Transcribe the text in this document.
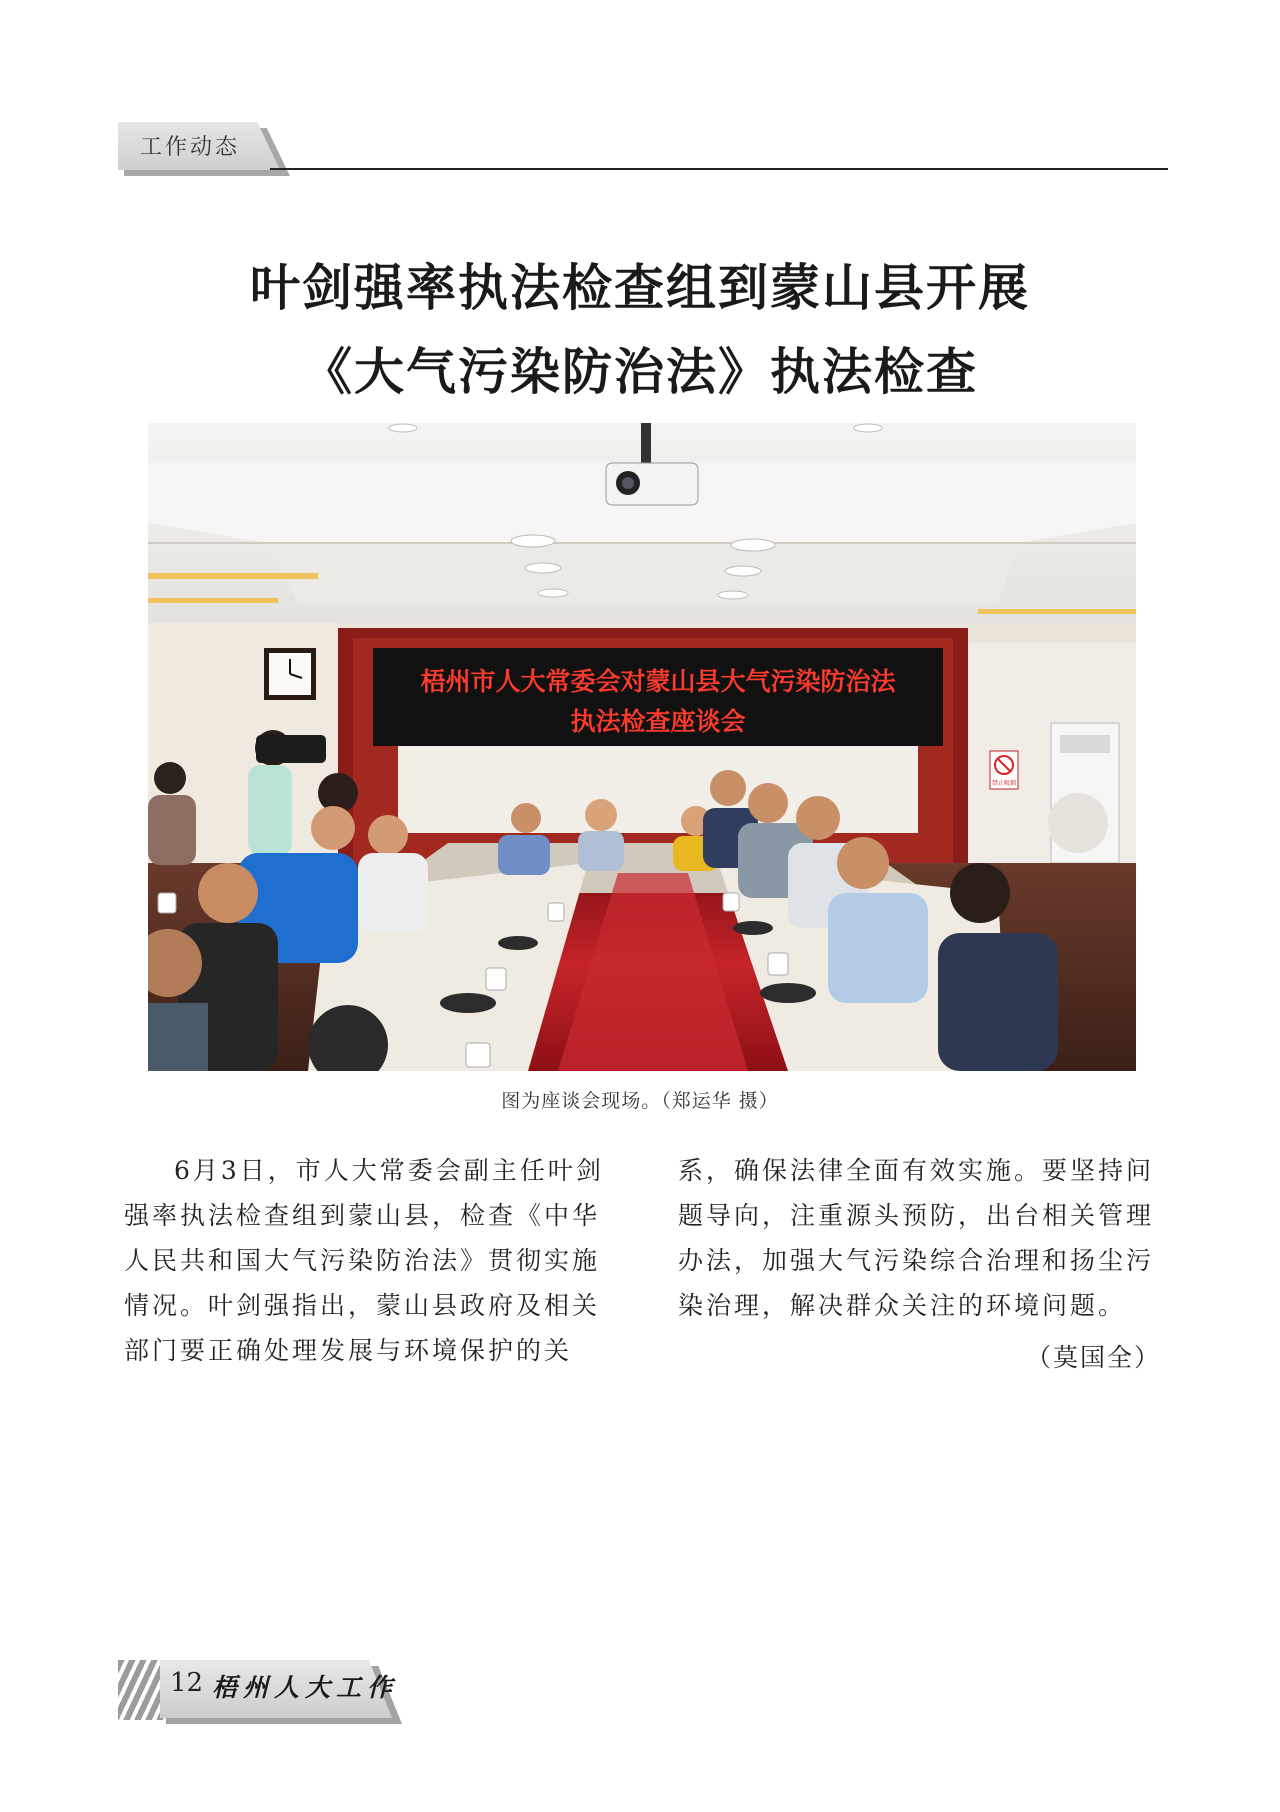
工作动态
叶剑强率执法检查组到蒙山县开展
《大气污染防治法》执法检查
梧州市人大常委会对蒙山县大气污染防治法
执法检查座谈会
禁止吸烟
图为座谈会现场。（郑运华 摄）

6月3日，市人大常委会副主任叶剑

强率执法检查组到蒙山县，检查《中华

人民共和国大气污染防治法》贯彻实施

情况。叶剑强指出，蒙山县政府及相关

部门要正确处理发展与环境保护的关

系，确保法律全面有效实施。要坚持问

题导向，注重源头预防，出台相关管理

办法，加强大气污染综合治理和扬尘污

染治理，解决群众关注的环境问题。

（莫国全）
12 梧州人大工作
